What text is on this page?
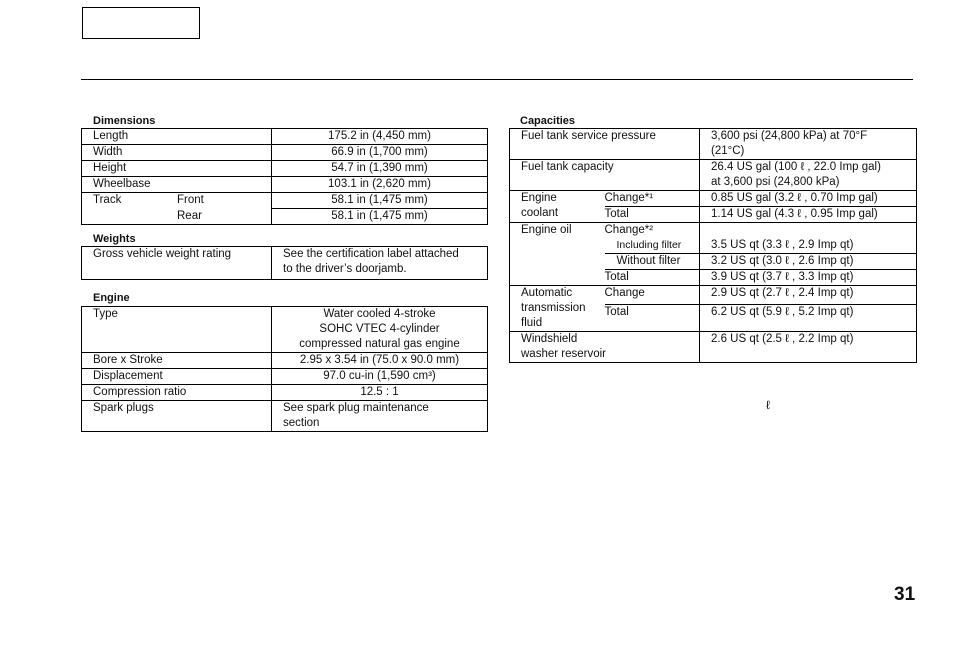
Dimensions
Length	175.2 in (4,450 mm)
Width	66.9 in (1,700 mm)
Height	54.7 in (1,390 mm)
Wheelbase	103.1 in (2,620 mm)
Track Front	58.1 in (1,475 mm)

Rear	58.1 in (1,475 mm)
Weights
Gross vehicle weight rating	See the certification label attached
to the driver’s doorjamb.
Engine
Type	Water cooled 4-stroke
SOHC VTEC 4-cylinder
compressed natural gas engine

Bore x Stroke	2.95 x 3.54 in (75.0 x 90.0 mm)
Displacement	97.0 cu-in (1,590 cm³)
Compression ratio	12.5 : 1
Spark plugs	See spark plug maintenance
section
Capacities
Fuel tank service pressure		3,600 psi (24,800 kPa) at 70°F
(21°C)

Fuel tank capacity		26.4 US gal (100 ℓ , 22.0 Imp gal)
at 3,600 psi (24,800 kPa)

Engine
coolant	Change*¹	0.85 US gal (3.2 ℓ , 0.70 Imp gal)
	Total	1.14 US gal (4.3 ℓ , 0.95 Imp gal)
Engine oil	Change*²	
	Including filter	3.5 US qt (3.3 ℓ , 2.9 Imp qt)
	Without filter	3.2 US qt (3.0 ℓ , 2.6 Imp qt)
	Total	3.9 US qt (3.7 ℓ , 3.3 Imp qt)

Automatic
transmission
fluid	Change	2.9 US qt (2.7 ℓ , 2.4 Imp qt)
	Total	6.2 US qt (5.9 ℓ , 5.2 Imp qt)

Windshield
washer reservoir		2.6 US qt (2.5 ℓ , 2.2 Imp qt)
ℓ
31
